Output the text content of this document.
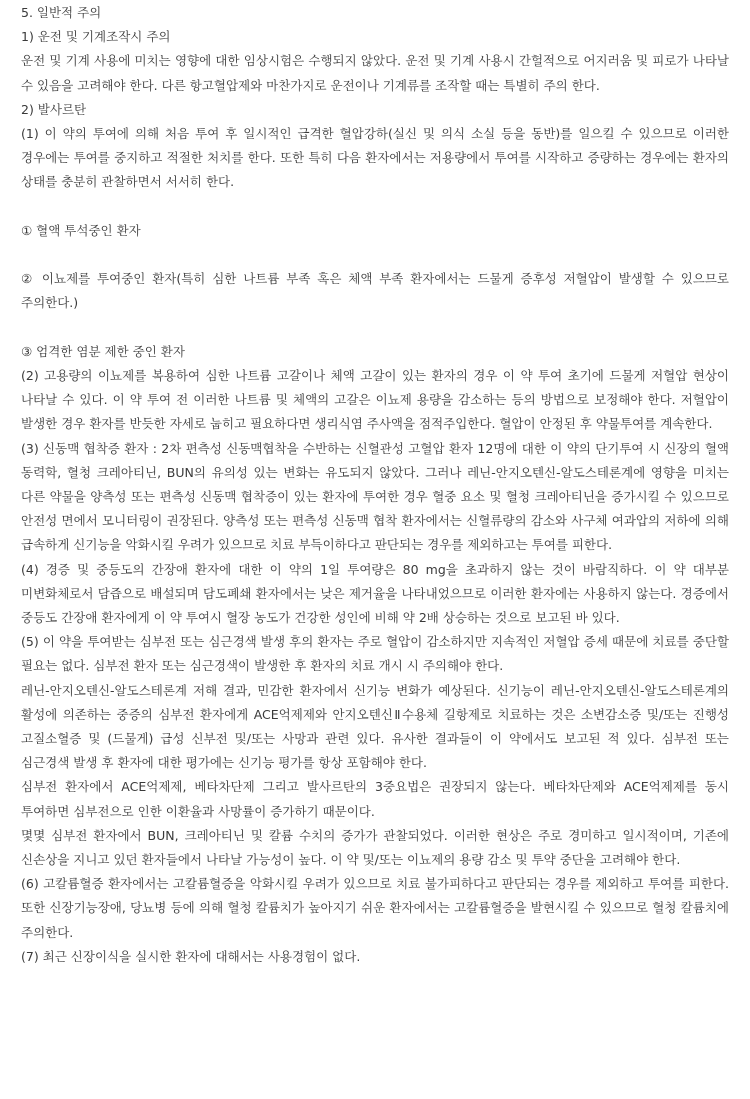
5. 일반적 주의

1) 운전 및 기계조작시 주의

운전 및 기계 사용에 미치는 영향에 대한 임상시험은 수행되지 않았다. 운전 및 기계 사용시 간헐적으로 어지러움 및 피로가 나타날 수 있음을 고려해야 한다. 다른 항고혈압제와 마찬가지로 운전이나 기계류를 조작할 때는 특별히 주의 한다.

2) 발사르탄

(1) 이 약의 투여에 의해 처음 투여 후 일시적인 급격한 혈압강하(실신 및 의식 소실 등을 동반)를 일으킬 수 있으므로 이러한 경우에는 투여를 중지하고 적절한 처치를 한다. 또한 특히 다음 환자에서는 저용량에서 투여를 시작하고 증량하는 경우에는 환자의 상태를 충분히 관찰하면서 서서히 한다.

① 혈액 투석중인 환자

② 이뇨제를 투여중인 환자(특히 심한 나트륨 부족 혹은 체액 부족 환자에서는 드물게 증후성 저혈압이 발생할 수 있으므로 주의한다.)

③ 엄격한 염분 제한 중인 환자

(2) 고용량의 이뇨제를 복용하여 심한 나트륨 고갈이나 체액 고갈이 있는 환자의 경우 이 약 투여 초기에 드물게 저혈압 현상이 나타날 수 있다. 이 약 투여 전 이러한 나트륨 및 체액의 고갈은 이뇨제 용량을 감소하는 등의 방법으로 보정해야 한다. 저혈압이 발생한 경우 환자를 반듯한 자세로 눕히고 필요하다면 생리식염 주사액을 점적주입한다. 혈압이 안정된 후 약물투여를 계속한다.

(3) 신동맥 협착증 환자 : 2차 편측성 신동맥협착을 수반하는 신혈관성 고혈압 환자 12명에 대한 이 약의 단기투여 시 신장의 혈액 동력학, 혈청 크레아티닌, BUN의 유의성 있는 변화는 유도되지 않았다. 그러나 레닌-안지오텐신-알도스테론계에 영향을 미치는 다른 약물을 양측성 또는 편측성 신동맥 협착증이 있는 환자에 투여한 경우 혈중 요소 및 혈청 크레아티닌을 증가시킬 수 있으므로 안전성 면에서 모니터링이 권장된다. 양측성 또는 편측성 신동맥 협착 환자에서는 신혈류량의 감소와 사구체 여과압의 저하에 의해 급속하게 신기능을 악화시킬 우려가 있으므로 치료 부득이하다고 판단되는 경우를 제외하고는 투여를 피한다.

(4) 경증 및 중등도의 간장애 환자에 대한 이 약의 1일 투여량은 80 mg을 초과하지 않는 것이 바람직하다. 이 약 대부분 미변화체로서 담즙으로 배설되며 담도폐쇄 환자에서는 낮은 제거율을 나타내었으므로 이러한 환자에는 사용하지 않는다. 경증에서 중등도 간장애 환자에게 이 약 투여시 혈장 농도가 건강한 성인에 비해 약 2배 상승하는 것으로 보고된 바 있다.

(5) 이 약을 투여받는 심부전 또는 심근경색 발생 후의 환자는 주로 혈압이 감소하지만 지속적인 저혈압 증세 때문에 치료를 중단할 필요는 없다. 심부전 환자 또는 심근경색이 발생한 후 환자의 치료 개시 시 주의해야 한다.

레닌-안지오텐신-알도스테론계 저해 결과, 민감한 환자에서 신기능 변화가 예상된다. 신기능이 레닌-안지오텐신-알도스테론계의 활성에 의존하는 중증의 심부전 환자에게 ACE억제제와 안지오텐신Ⅱ수용체 길항제로 치료하는 것은 소변감소증 및/또는 진행성 고질소혈증 및 (드물게) 급성 신부전 및/또는 사망과 관련 있다. 유사한 결과들이 이 약에서도 보고된 적 있다. 심부전 또는 심근경색 발생 후 환자에 대한 평가에는 신기능 평가를 항상 포함해야 한다.

심부전 환자에서 ACE억제제, 베타차단제 그리고 발사르탄의 3중요법은 권장되지 않는다. 베타차단제와 ACE억제제를 동시 투여하면 심부전으로 인한 이환율과 사망률이 증가하기 때문이다.

몇몇 심부전 환자에서 BUN, 크레아티닌 및 칼륨 수치의 증가가 관찰되었다. 이러한 현상은 주로 경미하고 일시적이며, 기존에 신손상을 지니고 있던 환자들에서 나타날 가능성이 높다. 이 약 및/또는 이뇨제의 용량 감소 및 투약 중단을 고려해야 한다.

(6) 고칼륨혈증 환자에서는 고칼륨혈증을 악화시킬 우려가 있으므로 치료 불가피하다고 판단되는 경우를 제외하고 투여를 피한다. 또한 신장기능장애, 당뇨병 등에 의해 혈청 칼륨치가 높아지기 쉬운 환자에서는 고칼륨혈증을 발현시킬 수 있으므로 혈청 칼륨치에 주의한다.

(7) 최근 신장이식을 실시한 환자에 대해서는 사용경험이 없다.
